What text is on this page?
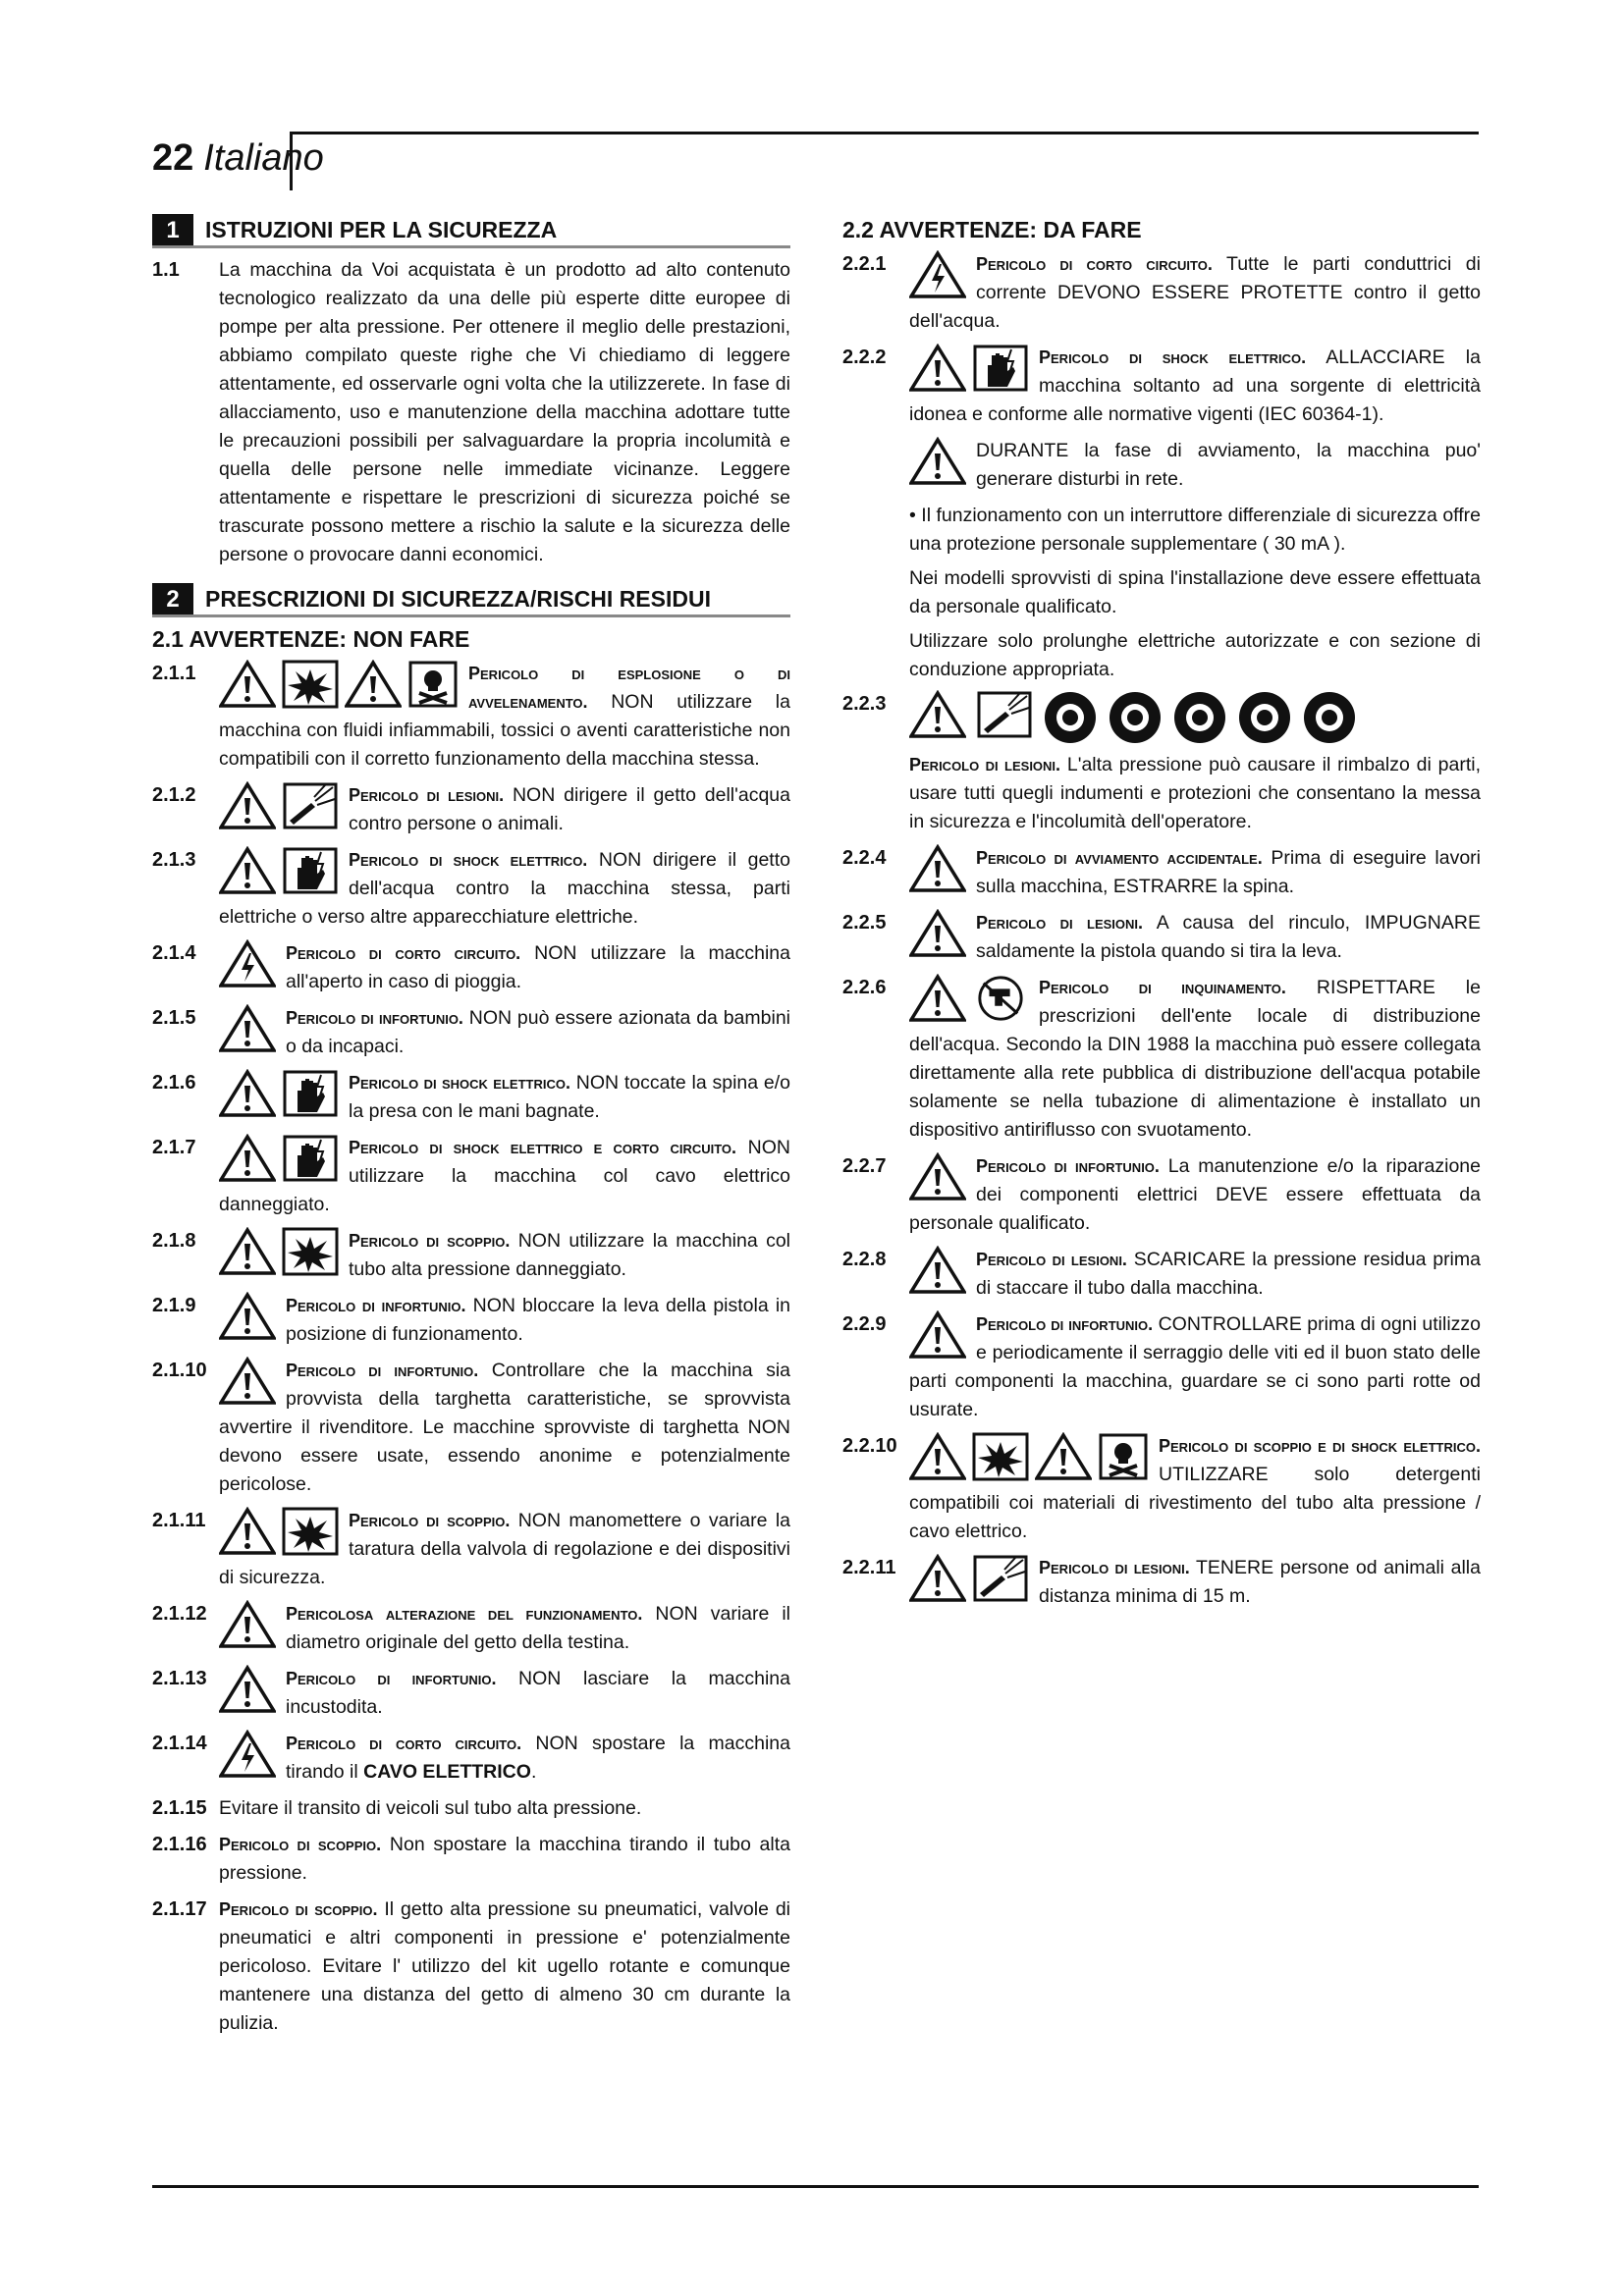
22 Italiano
1	ISTRUZIONI PER LA SICUREZZA
1.1	La macchina da Voi acquistata è un prodotto ad alto contenuto tecnologico realizzato da una delle più esperte ditte europee di pompe per alta pressione. Per ottenere il meglio delle prestazioni, abbiamo compilato queste righe che Vi chiediamo di leggere attentamente, ed osservarle ogni volta che la utilizzerete. In fase di allacciamento, uso e manutenzione della macchina adottare tutte le precauzioni possibili per salvaguardare la propria incolumità e quella delle persone nelle immediate vicinanze. Leggere attentamente e rispettare le prescrizioni di sicurezza poiché se trascurate possono mettere a rischio la salute e la sicurezza delle persone o provocare danni economici.
2	PRESCRIZIONI DI SICUREZZA/RISCHI RESIDUI
2.1 AVVERTENZE: NON FARE
2.1.1	Pericolo di esplosione o di avvelenamento. NON utilizzare la macchina con fluidi infiammabili, tossici o aventi caratteristiche non compatibili con il corretto funzionamento della macchina stessa.
2.1.2	Pericolo di lesioni. NON dirigere il getto dell'acqua contro persone o animali.
2.1.3	Pericolo di shock elettrico. NON dirigere il getto dell'acqua contro la macchina stessa, parti elettriche o verso altre apparecchiature elettriche.
2.1.4	Pericolo di corto circuito. NON utilizzare la macchina all'aperto in caso di pioggia.
2.1.5	Pericolo di infortunio. NON può essere azionata da bambini o da incapaci.
2.1.6	Pericolo di shock elettrico. NON toccate la spina e/o la presa con le mani bagnate.
2.1.7	Pericolo di shock elettrico e corto circuito. NON utilizzare la macchina col cavo elettrico danneggiato.
2.1.8	Pericolo di scoppio. NON utilizzare la macchina col tubo alta pressione danneggiato.
2.1.9	Pericolo di infortunio. NON bloccare la leva della pistola in posizione di funzionamento.
2.1.10	Pericolo di infortunio. Controllare che la macchina sia provvista della targhetta caratteristiche, se sprovvista avvertire il rivenditore. Le macchine sprovviste di targhetta NON devono essere usate, essendo anonime e potenzialmente pericolose.
2.1.11	Pericolo di scoppio. NON manomettere o variare la taratura della valvola di regolazione e dei dispositivi di sicurezza.
2.1.12	Pericolosa alterazione del funzionamento. NON variare il diametro originale del getto della testina.
2.1.13	Pericolo di infortunio. NON lasciare la macchina incustodita.
2.1.14	Pericolo di corto circuito. NON spostare la macchina tirando il CAVO ELETTRICO.
2.1.15 Evitare il transito di veicoli sul tubo alta pressione.
2.1.16 Pericolo di scoppio. Non spostare la macchina tirando il tubo alta pressione.
2.1.17 Pericolo di scoppio. Il getto alta pressione su pneumatici, valvole di pneumatici e altri componenti in pressione e' potenzialmente pericoloso. Evitare l' utilizzo del kit ugello rotante e comunque mantenere una distanza del getto di almeno 30 cm durante la pulizia.
2.2 AVVERTENZE: DA FARE
2.2.1	Pericolo di corto circuito. Tutte le parti conduttrici di corrente DEVONO ESSERE PROTETTE contro il getto dell'acqua.
2.2.2	Pericolo di shock elettrico. ALLACCIARE la macchina soltanto ad una sorgente di elettricità idonea e conforme alle normative vigenti (IEC 60364-1).
DURANTE la fase di avviamento, la macchina puo' generare disturbi in rete.
• Il funzionamento con un interruttore differenziale di sicurezza offre una protezione personale supplementare ( 30 mA ).
Nei modelli sprovvisti di spina l'installazione deve essere effettuata da personale qualificato.
Utilizzare solo prolunghe elettriche autorizzate e con sezione di conduzione appropriata.
2.2.3
Pericolo di lesioni. L'alta pressione può causare il rimbalzo di parti, usare tutti quegli indumenti e protezioni che consentano la messa in sicurezza e l'incolumità dell'operatore.
2.2.4	Pericolo di avviamento accidentale. Prima di eseguire lavori sulla macchina, ESTRARRE la spina.
2.2.5	Pericolo di lesioni. A causa del rinculo, IMPUGNARE saldamente la pistola quando si tira la leva.
2.2.6	Pericolo di inquinamento. RISPETTARE le prescrizioni dell'ente locale di distribuzione dell'acqua. Secondo la DIN 1988 la macchina può essere collegata direttamente alla rete pubblica di distribuzione dell'acqua potabile solamente se nella tubazione di alimentazione è installato un dispositivo antiriflusso con svuotamento.
2.2.7	Pericolo di infortunio. La manutenzione e/o la riparazione dei componenti elettrici DEVE essere effettuata da personale qualificato.
2.2.8	Pericolo di lesioni. SCARICARE la pressione residua prima di staccare il tubo dalla macchina.
2.2.9	Pericolo di infortunio. CONTROLLARE prima di ogni utilizzo e periodicamente il serraggio delle viti ed il buon stato delle parti componenti la macchina, guardare se ci sono parti rotte od usurate.
2.2.10	Pericolo di scoppio e di shock elettrico. UTILIZZARE solo detergenti compatibili coi materiali di rivestimento del tubo alta pressione / cavo elettrico.
2.2.11	Pericolo di lesioni. TENERE persone od animali alla distanza minima di 15 m.
